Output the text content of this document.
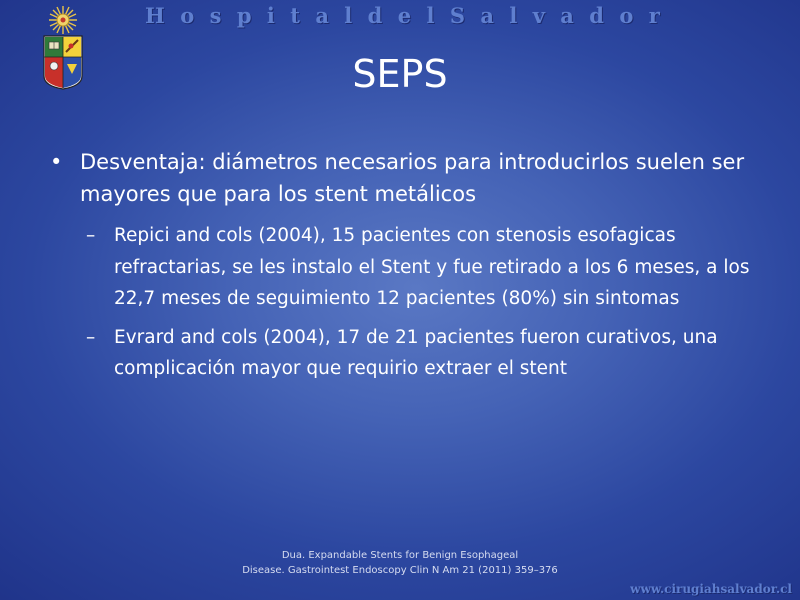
H o s p i t a l d e l S a l v a d o r
SEPS
• Desventaja: diámetros necesarios para introducirlos suelen ser mayores que para los stent metálicos
– Repici and cols (2004), 15 pacientes con stenosis esofagicas refractarias, se les instalo el Stent y fue retirado a los 6 meses, a los 22,7 meses de seguimiento 12 pacientes (80%) sin sintomas
– Evrard and cols (2004), 17 de 21 pacientes fueron curativos, una complicación mayor que requirio extraer el stent
Dua. Expandable Stents for Benign Esophageal
Disease. Gastrointest Endoscopy Clin N Am 21 (2011) 359–376
www.cirugiahsalvador.cl
